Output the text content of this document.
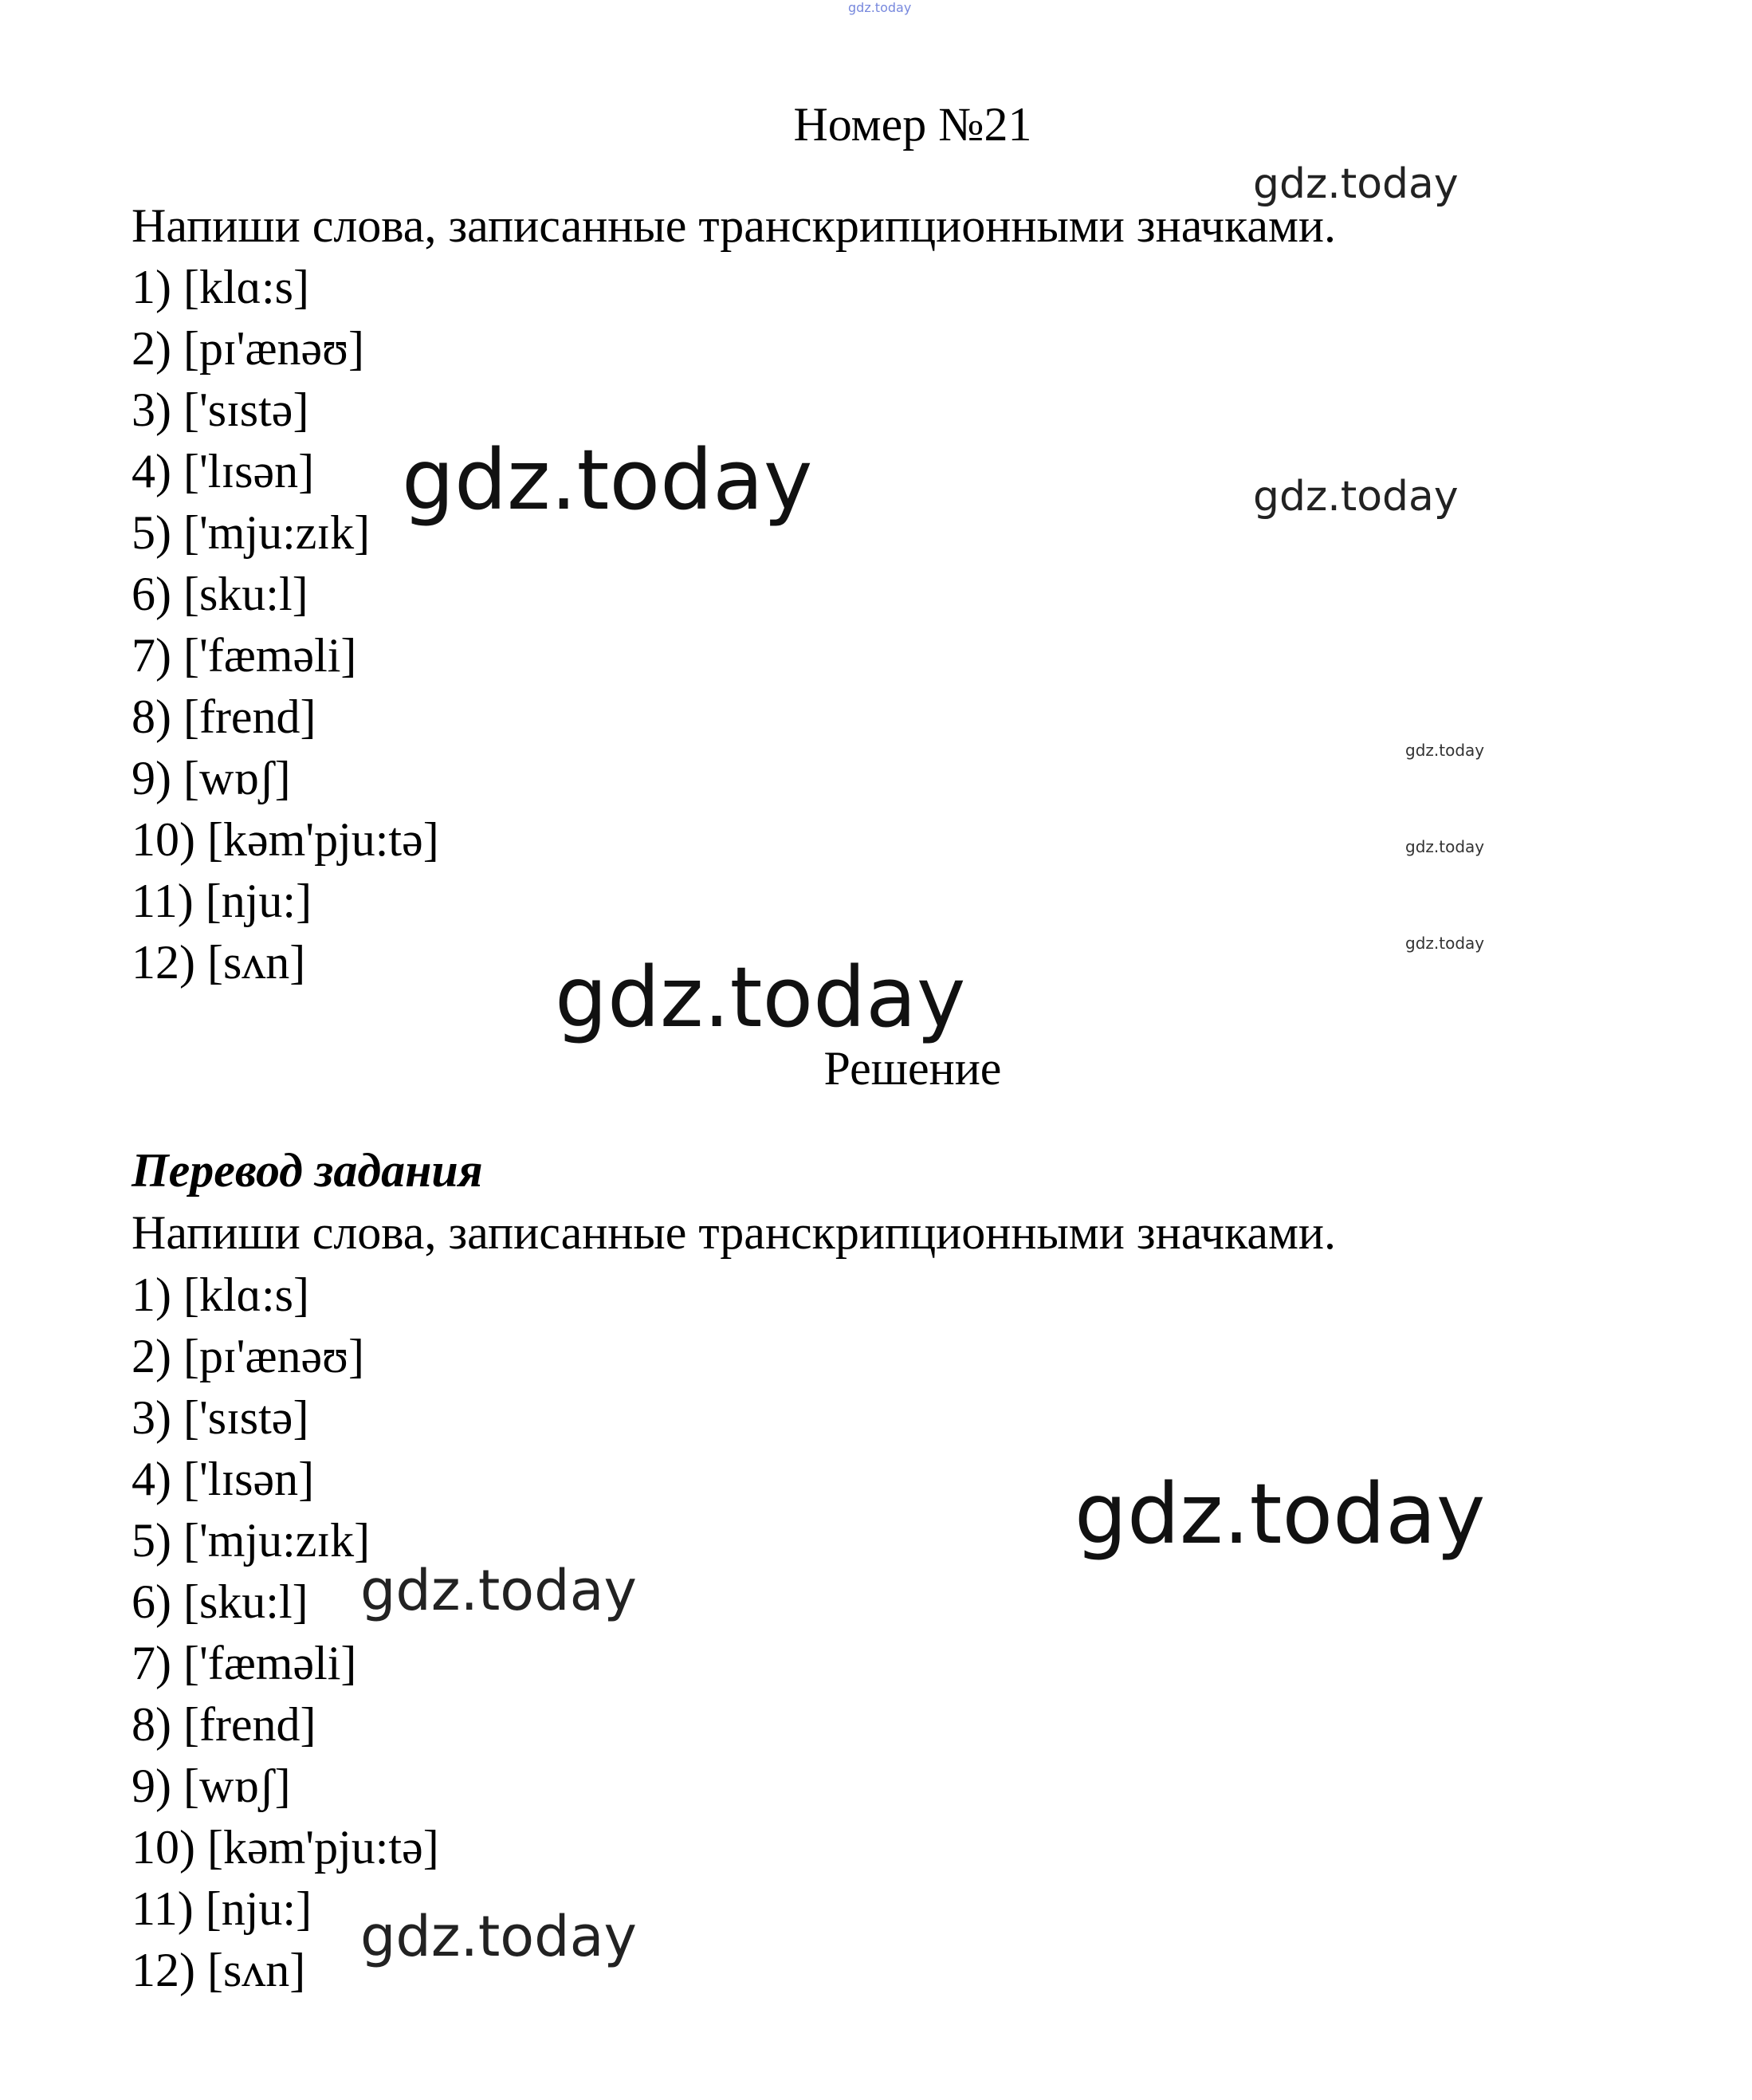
gdz.today
gdz.today
gdz.today	gdz.today
gdz.today
gdz.today
gdz.today
gdz.today
gdz.today
gdz.today
gdz.today
Номер №21

Напиши слова, записанные транскрипционными значками.

1) [klɑ:s]
2) [pɪ'ænəʊ]
3) ['sɪstə]
4) ['lɪsən]
5) ['mju:zɪk]
6) [sku:l]
7) ['fæməli]
8) [frend]
9) [wɒʃ]
10) [kəm'pju:tə]
11) [nju:]
12) [sʌn]
Решение
Перевод задания

Напиши слова, записанные транскрипционными значками.

1) [klɑ:s]
2) [pɪ'ænəʊ]
3) ['sɪstə]
4) ['lɪsən]
5) ['mju:zɪk]
6) [sku:l]
7) ['fæməli]
8) [frend]
9) [wɒʃ]
10) [kəm'pju:tə]
11) [nju:]
12) [sʌn]
